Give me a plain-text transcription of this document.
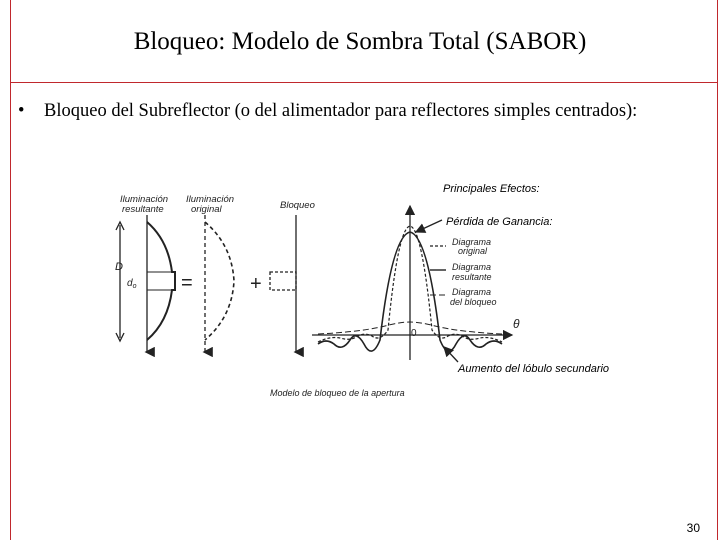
Bloqueo: Modelo de Sombra Total (SABOR)
• Bloqueo del Subreflector (o del alimentador para reflectores simples centrados):
Iluminación
resultante
Iluminación
original	Bloqueo
D
$d_o$ =	+
Modelo de bloqueo de la apertura
Principales Efectos:
Pérdida de Ganancia:
Diagrama
original
Diagrama
resultante
Diagrama
del bloqueo
0
θ
Aumento del lóbulo secundario
30
